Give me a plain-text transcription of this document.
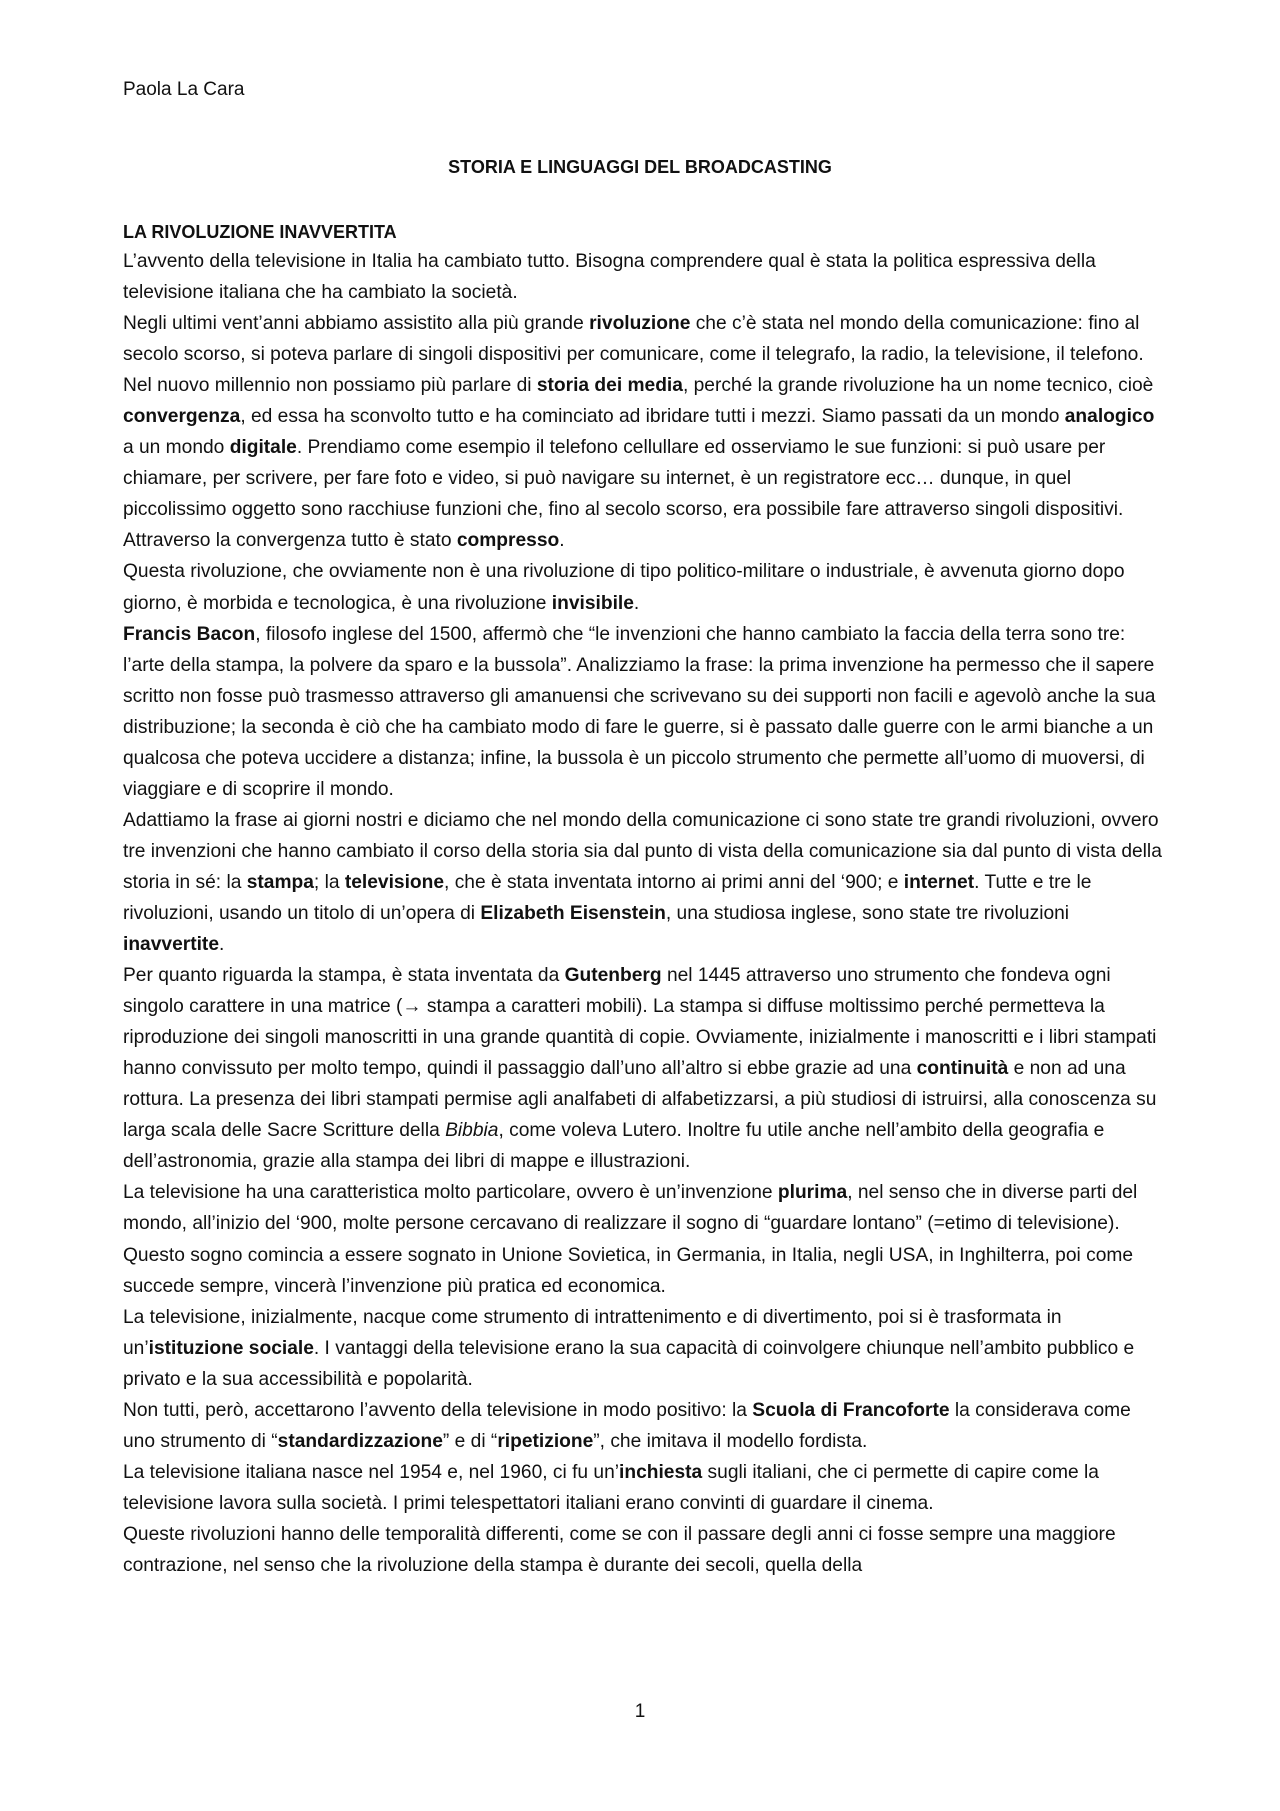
Paola La Cara
STORIA E LINGUAGGI DEL BROADCASTING
LA RIVOLUZIONE INAVVERTITA

L’avvento della televisione in Italia ha cambiato tutto. Bisogna comprendere qual è stata la politica espressiva della televisione italiana che ha cambiato la società.

Negli ultimi vent’anni abbiamo assistito alla più grande rivoluzione che c’è stata nel mondo della comunicazione: fino al secolo scorso, si poteva parlare di singoli dispositivi per comunicare, come il telegrafo, la radio, la televisione, il telefono. Nel nuovo millennio non possiamo più parlare di storia dei media, perché la grande rivoluzione ha un nome tecnico, cioè convergenza, ed essa ha sconvolto tutto e ha cominciato ad ibridare tutti i mezzi. Siamo passati da un mondo analogico a un mondo digitale. Prendiamo come esempio il telefono cellullare ed osserviamo le sue funzioni: si può usare per chiamare, per scrivere, per fare foto e video, si può navigare su internet, è un registratore ecc… dunque, in quel piccolissimo oggetto sono racchiuse funzioni che, fino al secolo scorso, era possibile fare attraverso singoli dispositivi. Attraverso la convergenza tutto è stato compresso.

Questa rivoluzione, che ovviamente non è una rivoluzione di tipo politico-militare o industriale, è avvenuta giorno dopo giorno, è morbida e tecnologica, è una rivoluzione invisibile.

Francis Bacon, filosofo inglese del 1500, affermò che “le invenzioni che hanno cambiato la faccia della terra sono tre: l’arte della stampa, la polvere da sparo e la bussola”. Analizziamo la frase: la prima invenzione ha permesso che il sapere scritto non fosse può trasmesso attraverso gli amanuensi che scrivevano su dei supporti non facili e agevolò anche la sua distribuzione; la seconda è ciò che ha cambiato modo di fare le guerre, si è passato dalle guerre con le armi bianche a un qualcosa che poteva uccidere a distanza; infine, la bussola è un piccolo strumento che permette all’uomo di muoversi, di viaggiare e di scoprire il mondo.

Adattiamo la frase ai giorni nostri e diciamo che nel mondo della comunicazione ci sono state tre grandi rivoluzioni, ovvero tre invenzioni che hanno cambiato il corso della storia sia dal punto di vista della comunicazione sia dal punto di vista della storia in sé: la stampa; la televisione, che è stata inventata intorno ai primi anni del ‘900; e internet. Tutte e tre le rivoluzioni, usando un titolo di un’opera di Elizabeth Eisenstein, una studiosa inglese, sono state tre rivoluzioni inavvertite.

Per quanto riguarda la stampa, è stata inventata da Gutenberg nel 1445 attraverso uno strumento che fondeva ogni singolo carattere in una matrice (→ stampa a caratteri mobili). La stampa si diffuse moltissimo perché permetteva la riproduzione dei singoli manoscritti in una grande quantità di copie. Ovviamente, inizialmente i manoscritti e i libri stampati hanno convissuto per molto tempo, quindi il passaggio dall’uno all’altro si ebbe grazie ad una continuità e non ad una rottura. La presenza dei libri stampati permise agli analfabeti di alfabetizzarsi, a più studiosi di istruirsi, alla conoscenza su larga scala delle Sacre Scritture della Bibbia, come voleva Lutero. Inoltre fu utile anche nell’ambito della geografia e dell’astronomia, grazie alla stampa dei libri di mappe e illustrazioni.

La televisione ha una caratteristica molto particolare, ovvero è un’invenzione plurima, nel senso che in diverse parti del mondo, all’inizio del ‘900, molte persone cercavano di realizzare il sogno di “guardare lontano” (=etimo di televisione). Questo sogno comincia a essere sognato in Unione Sovietica, in Germania, in Italia, negli USA, in Inghilterra, poi come succede sempre, vincerà l’invenzione più pratica ed economica.

La televisione, inizialmente, nacque come strumento di intrattenimento e di divertimento, poi si è trasformata in un’istituzione sociale. I vantaggi della televisione erano la sua capacità di coinvolgere chiunque nell’ambito pubblico e privato e la sua accessibilità e popolarità.

Non tutti, però, accettarono l’avvento della televisione in modo positivo: la Scuola di Francoforte la considerava come uno strumento di “standardizzazione” e di “ripetizione”, che imitava il modello fordista.

La televisione italiana nasce nel 1954 e, nel 1960, ci fu un’inchiesta sugli italiani, che ci permette di capire come la televisione lavora sulla società. I primi telespettatori italiani erano convinti di guardare il cinema.

Queste rivoluzioni hanno delle temporalità differenti, come se con il passare degli anni ci fosse sempre una maggiore contrazione, nel senso che la rivoluzione della stampa è durante dei secoli, quella della

1
